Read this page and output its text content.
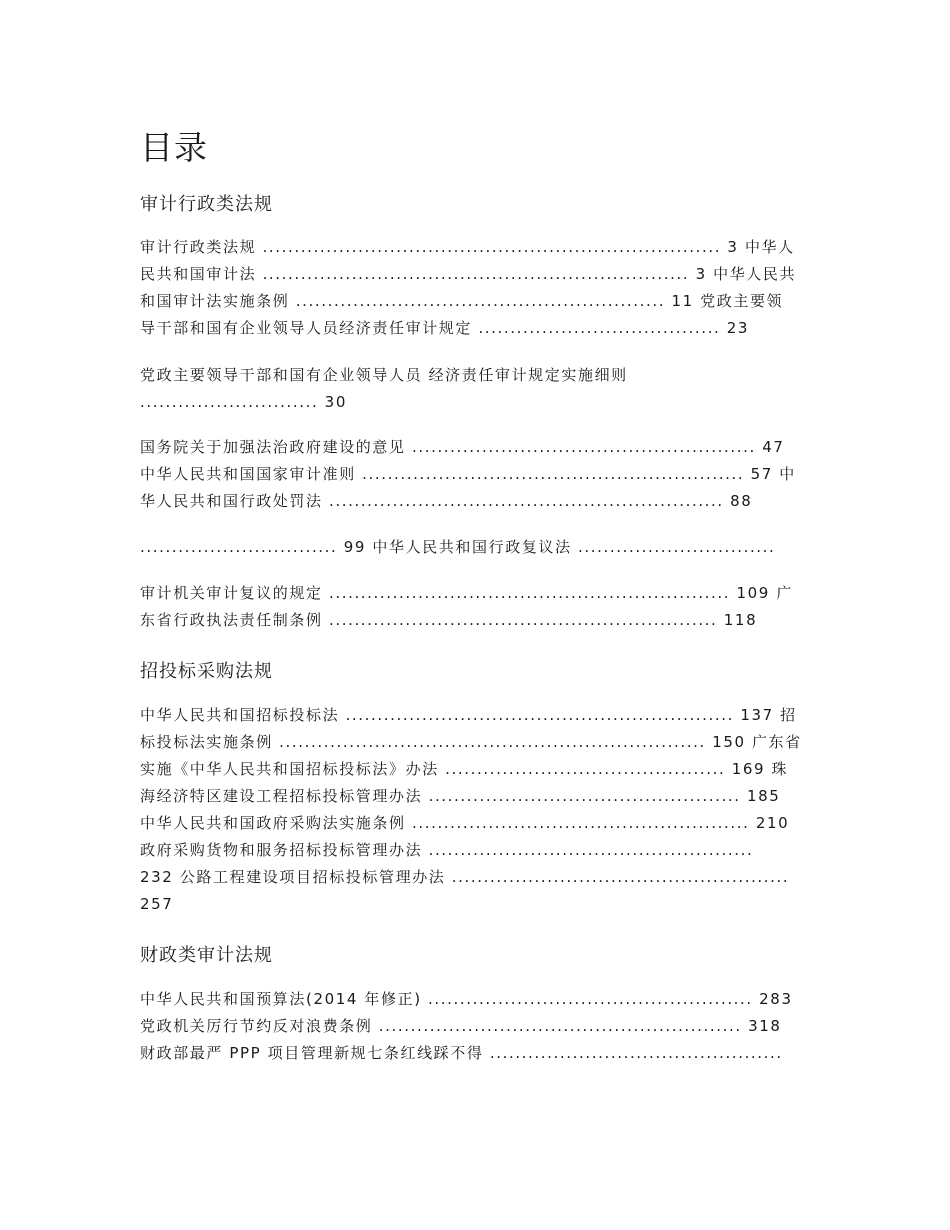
目录
审计行政类法规
审计行政类法规 ........................................................................ 3 中华人
民共和国审计法 ................................................................... 3 中华人民共
和国审计法实施条例 .......................................................... 11 党政主要领
导干部和国有企业领导人员经济责任审计规定 ...................................... 23
党政主要领导干部和国有企业领导人员 经济责任审计规定实施细则
............................ 30
国务院关于加强法治政府建设的意见 ...................................................... 47
中华人民共和国国家审计准则 ............................................................ 57 中
华人民共和国行政处罚法 .............................................................. 88
............................... 99 中华人民共和国行政复议法 ...............................
审计机关审计复议的规定 ............................................................... 109 广
东省行政执法责任制条例 ............................................................. 118
招投标采购法规
中华人民共和国招标投标法 ............................................................. 137 招
标投标法实施条例 ................................................................... 150 广东省
实施《中华人民共和国招标投标法》办法 ............................................ 169 珠
海经济特区建设工程招标投标管理办法 ................................................. 185
中华人民共和国政府采购法实施条例 ..................................................... 210
政府采购货物和服务招标投标管理办法 ...................................................
232 公路工程建设项目招标投标管理办法 .....................................................
257
财政类审计法规
中华人民共和国预算法(2014 年修正) ................................................... 283
党政机关厉行节约反对浪费条例 ......................................................... 318
财政部最严 PPP 项目管理新规七条红线踩不得 ..............................................
